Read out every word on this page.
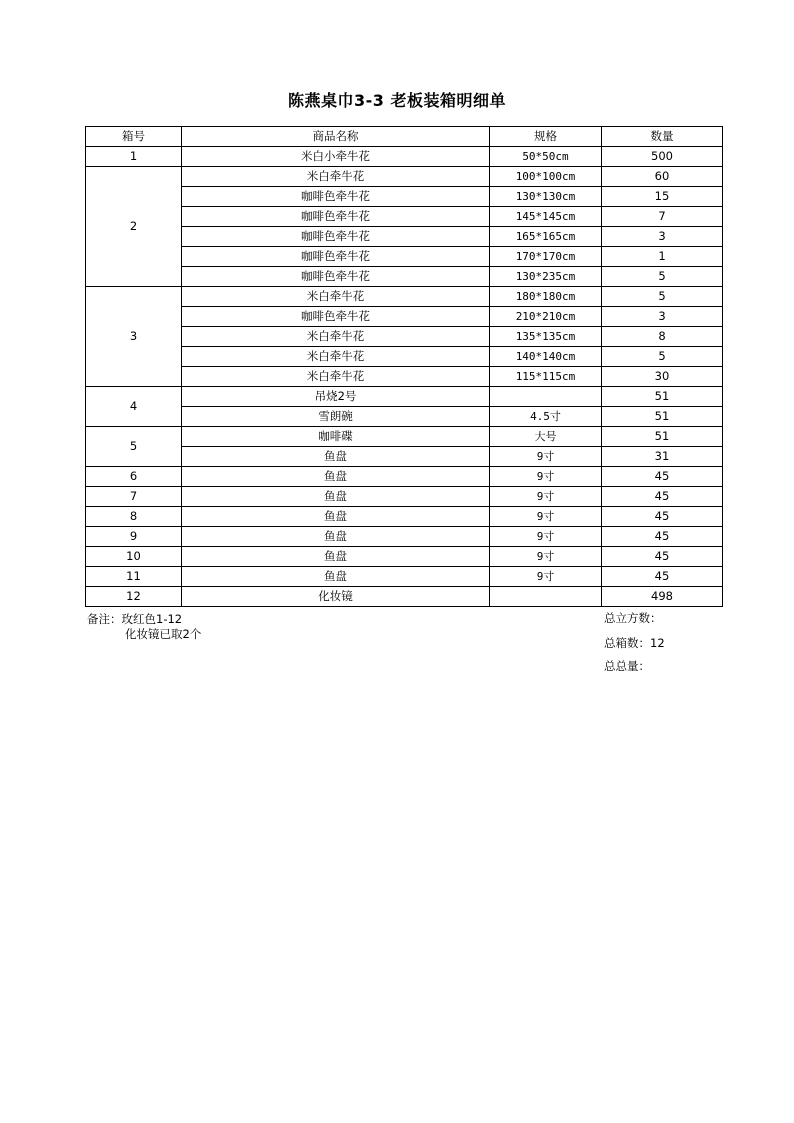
陈燕桌巾3-3 老板装箱明细单
箱号	商品名称	规格	数量
1	米白小牵牛花	50*50cm	500
2	米白牵牛花	100*100cm	60
	咖啡色牵牛花	130*130cm	15
	咖啡色牵牛花	145*145cm	7
	咖啡色牵牛花	165*165cm	3
	咖啡色牵牛花	170*170cm	1
	咖啡色牵牛花	130*235cm	5
3	米白牵牛花	180*180cm	5
	咖啡色牵牛花	210*210cm	3
	米白牵牛花	135*135cm	8
	米白牵牛花	140*140cm	5
	米白牵牛花	115*115cm	30
4	吊烧2号		51
	雪朗碗	4.5寸	51
5	咖啡碟	大号	51
	鱼盘	9寸	31
6	鱼盘	9寸	45
7	鱼盘	9寸	45
8	鱼盘	9寸	45
9	鱼盘	9寸	45
10	鱼盘	9寸	45
11	鱼盘	9寸	45
12	化妆镜		498
备注：玫红色1-12
化妆镜已取2个
总立方数：
总箱数：12
总总量：
